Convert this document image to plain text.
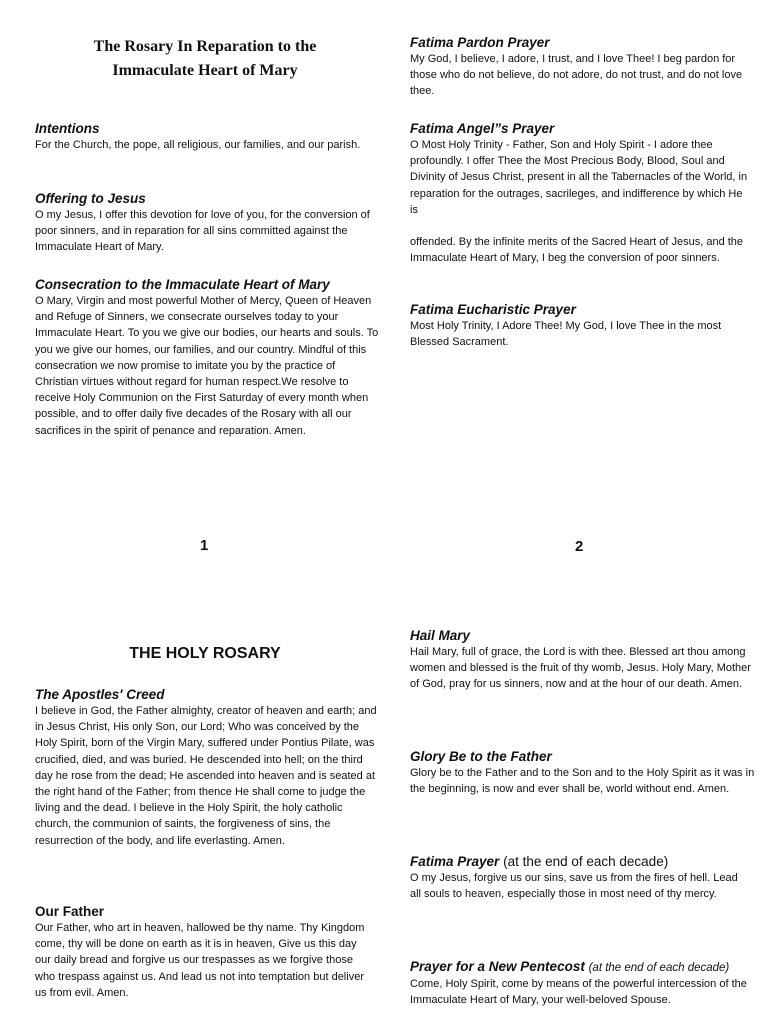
The Rosary In Reparation to the

Immaculate Heart of Mary

Intentions

For the Church, the pope, all religious, our families, and our parish.

Offering to Jesus

O my Jesus, I offer this devotion for love of you, for the conversion of poor sinners, and in reparation for all sins committed against the Immaculate Heart of Mary.

Consecration to the Immaculate Heart of Mary

O Mary, Virgin and most powerful Mother of Mercy, Queen of Heaven and Refuge of Sinners, we consecrate ourselves today to your Immaculate Heart. To you we give our bodies, our hearts and souls. To you we give our homes, our families, and our country. Mindful of this consecration we now promise to imitate you by the practice of Christian virtues without regard for human respect.We resolve to receive Holy Communion on the First Saturday of every month when possible, and to offer daily five decades of the Rosary with all our sacrifices in the spirit of penance and reparation. Amen.

1

Fatima Pardon Prayer

My God, I believe, I adore, I trust, and I love Thee! I beg pardon for those who do not believe, do not adore, do not trust, and do not love thee.

Fatima Angel”s Prayer

O Most Holy Trinity - Father, Son and Holy Spirit - I adore thee profoundly. I offer Thee the Most Precious Body, Blood, Soul and Divinity of Jesus Christ, present in all the Tabernacles of the World, in reparation for the outrages, sacrileges, and indifference by which He is

offended. By the infinite merits of the Sacred Heart of Jesus, and the Immaculate Heart of Mary, I beg the conversion of poor sinners.

Fatima Eucharistic Prayer

Most Holy Trinity, I Adore Thee! My God, I love Thee in the most Blessed Sacrament.

2

THE HOLY ROSARY

The Apostles' Creed

I believe in God, the Father almighty, creator of heaven and earth; and in Jesus Christ, His only Son, our Lord; Who was conceived by the Holy Spirit, born of the Virgin Mary, suffered under Pontius Pilate, was crucified, died, and was buried. He descended into hell; on the third day he rose from the dead; He ascended into heaven and is seated at the right hand of the Father; from thence He shall come to judge the living and the dead. I believe in the Holy Spirit, the holy catholic church, the communion of saints, the forgiveness of sins, the resurrection of the body, and life everlasting. Amen.

Our Father

Our Father, who art in heaven, hallowed be thy name. Thy Kingdom come, thy will be done on earth as it is in heaven, Give us this day our daily bread and forgive us our trespasses as we forgive those who trespass against us. And lead us not into temptation but deliver us from evil. Amen.

Hail Mary

Hail Mary, full of grace, the Lord is with thee. Blessed art thou among women and blessed is the fruit of thy womb, Jesus. Holy Mary, Mother of God, pray for us sinners, now and at the hour of our death. Amen.

Glory Be to the Father

Glory be to the Father and to the Son and to the Holy Spirit as it was in the beginning, is now and ever shall be, world without end. Amen.

Fatima Prayer (at the end of each decade)

O my Jesus, forgive us our sins, save us from the fires of hell. Lead all souls to heaven, especially those in most need of thy mercy.

Prayer for a New Pentecost (at the end of each decade)

Come, Holy Spirit, come by means of the powerful intercession of the Immaculate Heart of Mary, your well-beloved Spouse.
